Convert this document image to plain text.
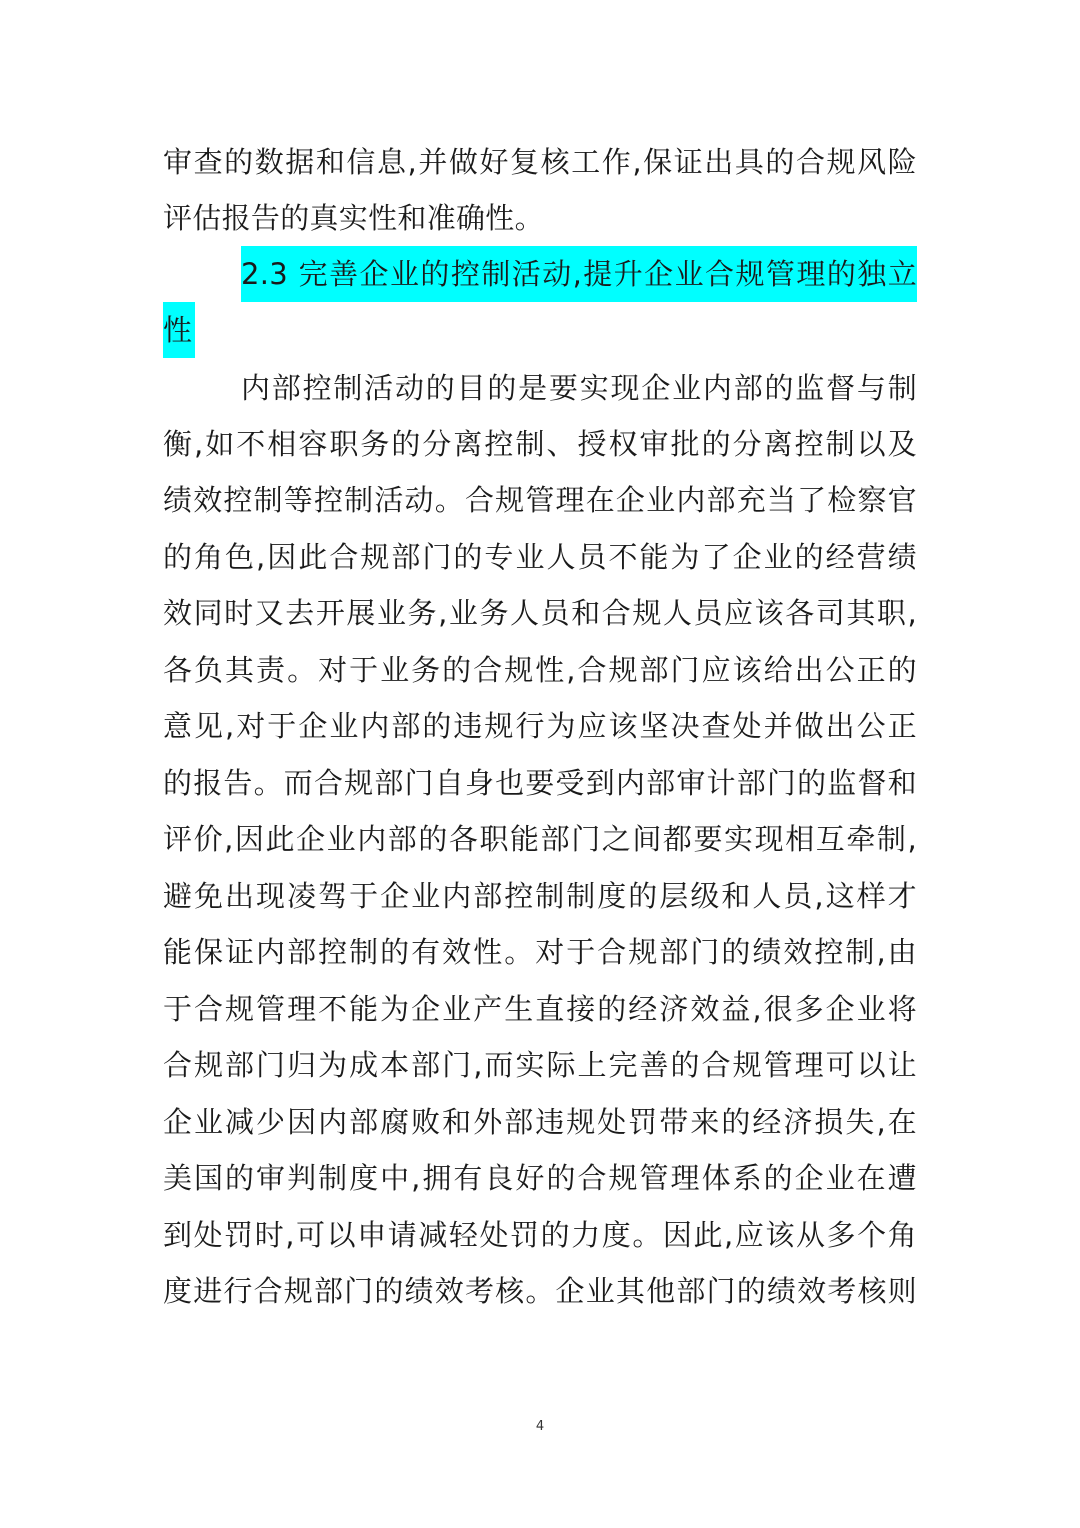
审查的数据和信息,并做好复核工作,保证出具的合规风险
评估报告的真实性和准确性。
2.3 完善企业的控制活动,提升企业合规管理的独立
性
内部控制活动的目的是要实现企业内部的监督与制
衡,如不相容职务的分离控制、授权审批的分离控制以及
绩效控制等控制活动。合规管理在企业内部充当了检察官
的角色,因此合规部门的专业人员不能为了企业的经营绩
效同时又去开展业务,业务人员和合规人员应该各司其职,
各负其责。对于业务的合规性,合规部门应该给出公正的
意见,对于企业内部的违规行为应该坚决查处并做出公正
的报告。而合规部门自身也要受到内部审计部门的监督和
评价,因此企业内部的各职能部门之间都要实现相互牵制,
避免出现凌驾于企业内部控制制度的层级和人员,这样才
能保证内部控制的有效性。对于合规部门的绩效控制,由
于合规管理不能为企业产生直接的经济效益,很多企业将
合规部门归为成本部门,而实际上完善的合规管理可以让
企业减少因内部腐败和外部违规处罚带来的经济损失,在
美国的审判制度中,拥有良好的合规管理体系的企业在遭
到处罚时,可以申请减轻处罚的力度。因此,应该从多个角
度进行合规部门的绩效考核。企业其他部门的绩效考核则
4
